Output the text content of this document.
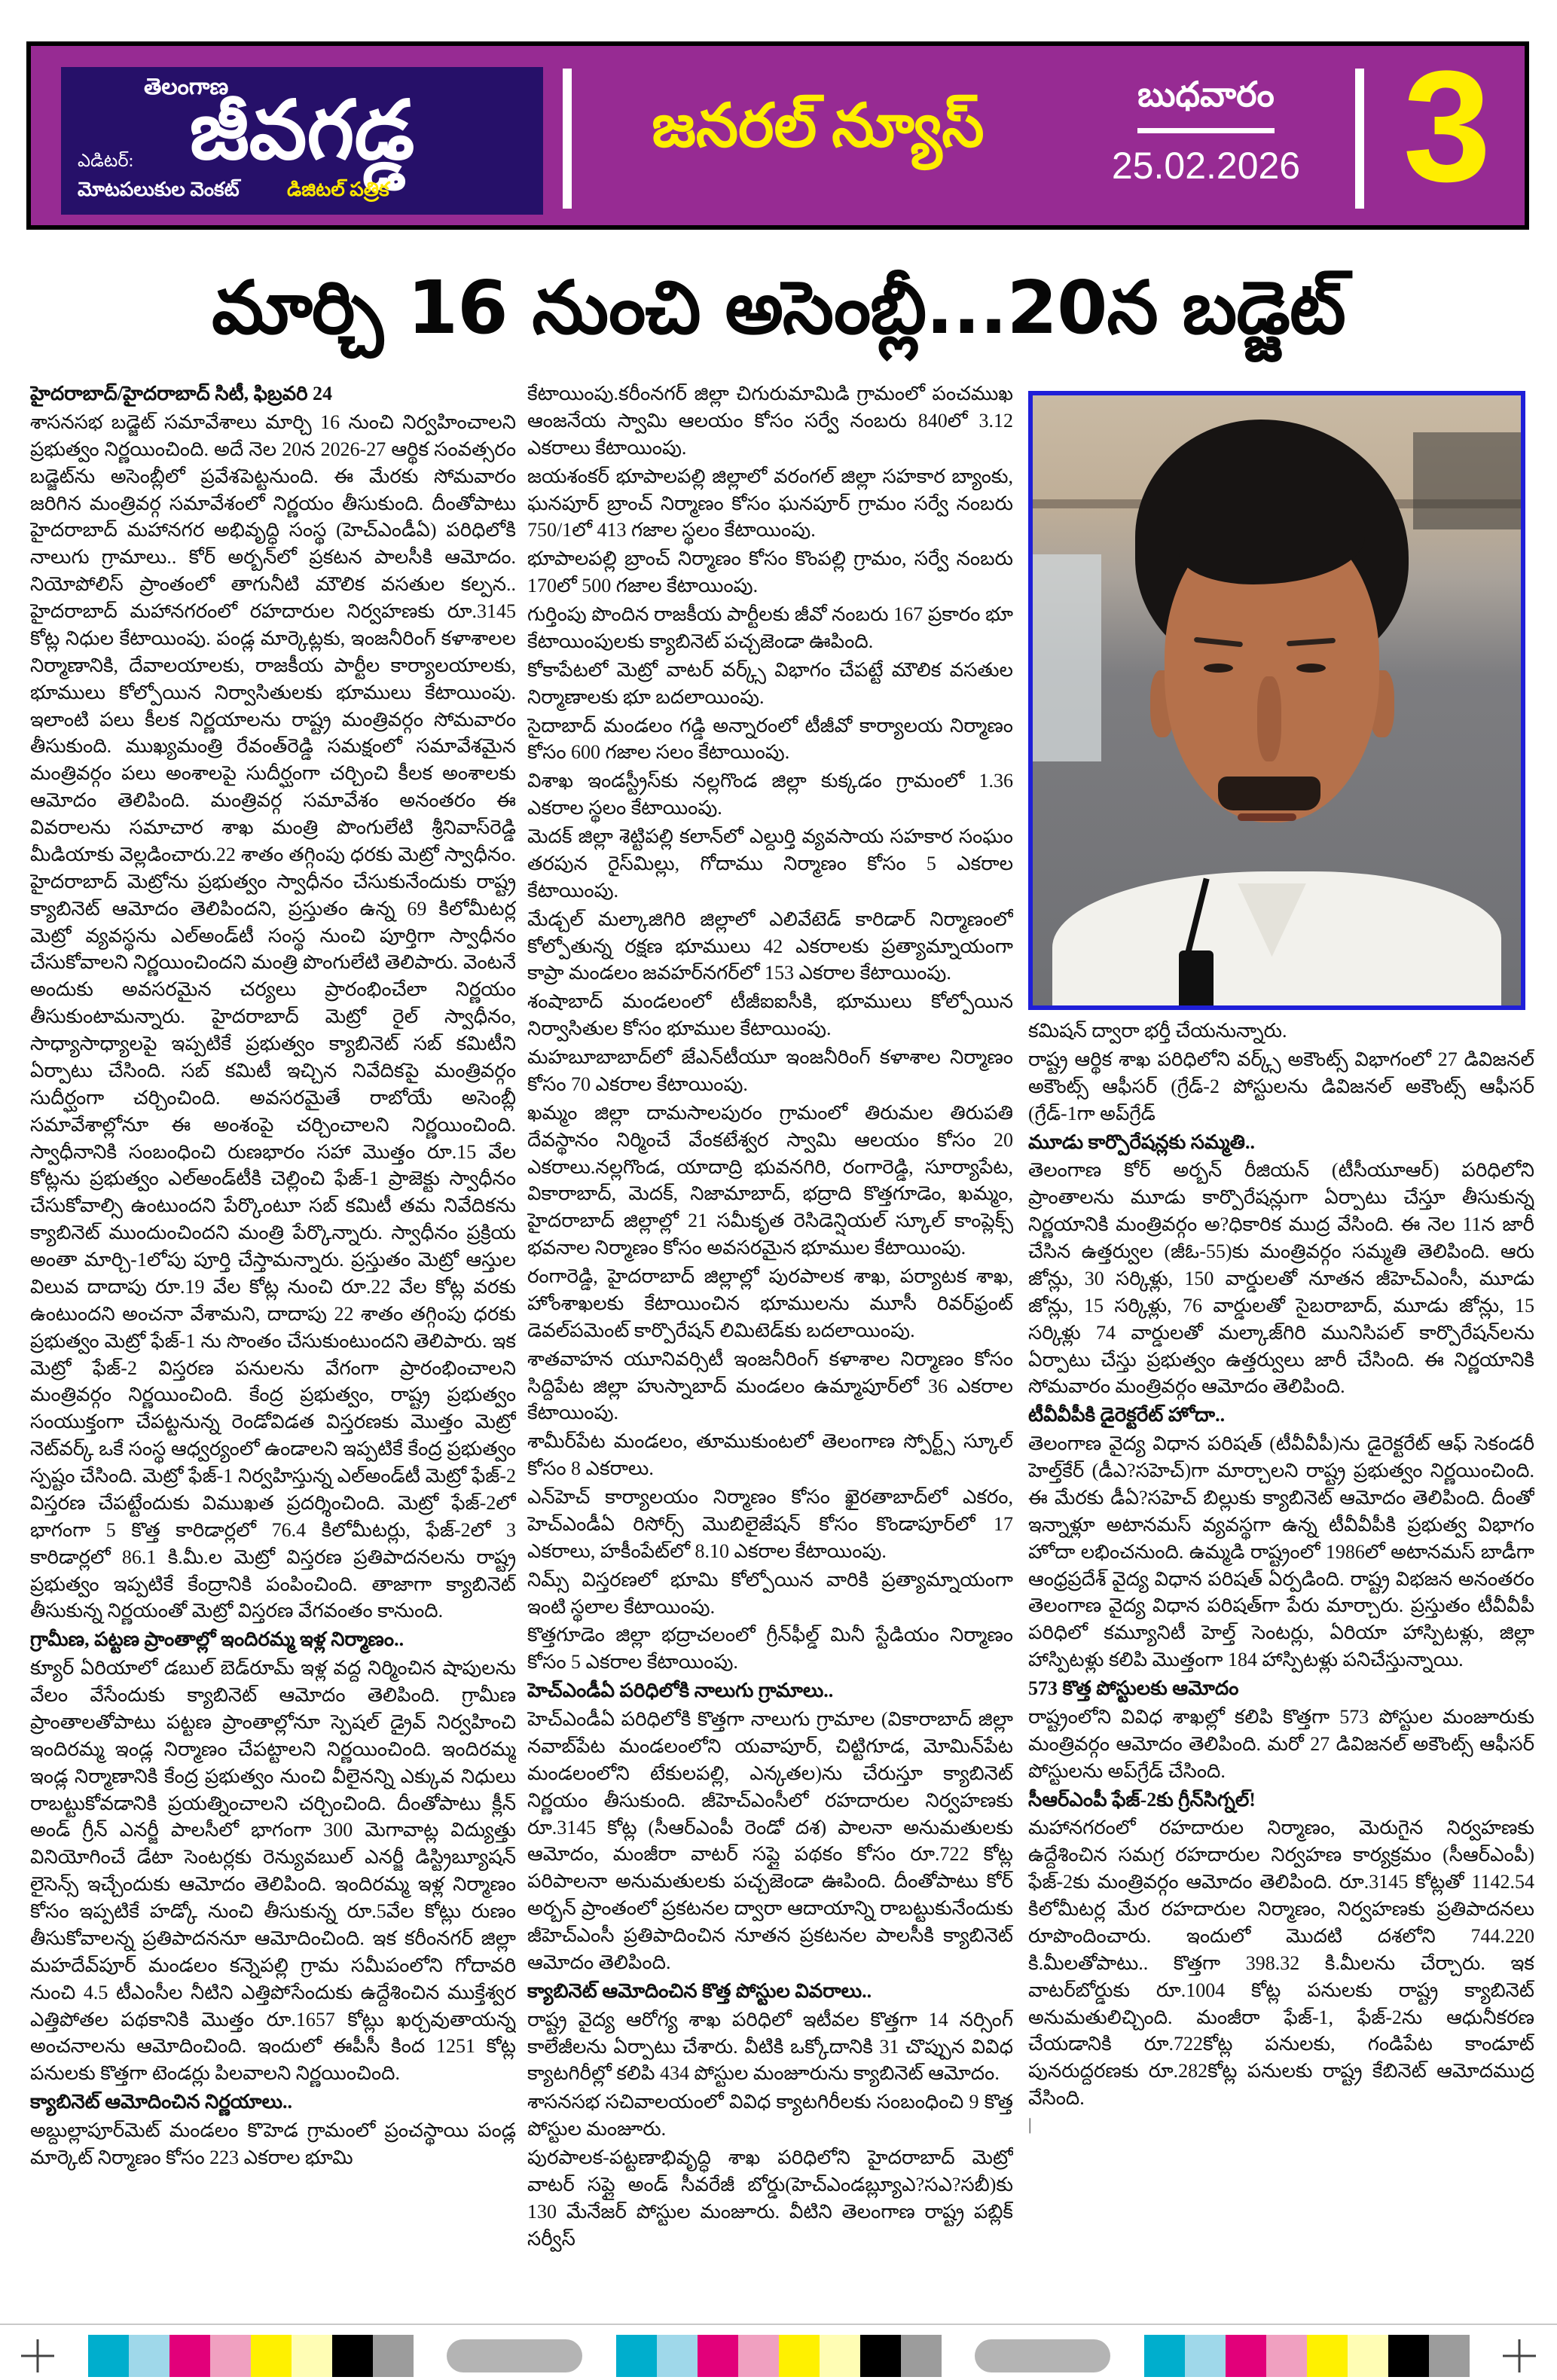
తెలంగాణ
జీవగడ్డ
ఎడిటర్:
మోటపలుకుల వెంకట్ డిజిటల్ పత్రిక
జనరల్ న్యూస్	బుధవారం
25.02.2026 3
మార్చి 16 నుంచి అసెంబ్లీ...20న బడ్జెట్

హైదరాబాద్/హైదరాబాద్ సిటీ, ఫిబ్రవరి 24

శాసనసభ బడ్జెట్ సమావేశాలు మార్చి 16 నుంచి నిర్వహించాలని ప్రభుత్వం నిర్ణయించింది. అదే నెల 20న 2026-27 ఆర్థిక సంవత్సరం బడ్జెట్‌ను అసెంబ్లీలో ప్రవేశపెట్టనుంది. ఈ మేరకు సోమవారం జరిగిన మంత్రివర్గ సమావేశంలో నిర్ణయం తీసుకుంది. దీంతోపాటు హైదరాబాద్ మహానగర అభివృద్ధి సంస్థ (హెచ్ఎండీఏ) పరిధిలోకి నాలుగు గ్రామాలు.. కోర్ అర్బన్‌లో ప్రకటన పాలసీకి ఆమోదం. నియోపోలిస్ ప్రాంతంలో తాగునీటి మౌలిక వసతుల కల్పన.. హైదరాబాద్ మహానగరంలో రహదారుల నిర్వహణకు రూ.3145 కోట్ల నిధుల కేటాయింపు. పండ్ల మార్కెట్లకు, ఇంజనీరింగ్ కళాశాలల నిర్మాణానికి, దేవాలయాలకు, రాజకీయ పార్టీల కార్యాలయాలకు, భూములు కోల్పోయిన నిర్వాసితులకు భూములు కేటాయింపు. ఇలాంటి పలు కీలక నిర్ణయాలను రాష్ట్ర మంత్రివర్గం సోమవారం తీసుకుంది. ముఖ్యమంత్రి రేవంత్‌రెడ్డి సమక్షంలో సమావేశమైన మంత్రివర్గం పలు అంశాలపై సుదీర్ఘంగా చర్చించి కీలక అంశాలకు ఆమోదం తెలిపింది. మంత్రివర్గ సమావేశం అనంతరం ఈ వివరాలను సమాచార శాఖ మంత్రి పొంగులేటి శ్రీనివాస్‌రెడ్డి మీడియాకు వెల్లడించారు.22 శాతం తగ్గింపు ధరకు మెట్రో స్వాధీనం. హైదరాబాద్ మెట్రోను ప్రభుత్వం స్వాధీనం చేసుకునేందుకు రాష్ట్ర క్యాబినెట్ ఆమోదం తెలిపిందని, ప్రస్తుతం ఉన్న 69 కిలోమీటర్ల మెట్రో వ్యవస్థను ఎల్అండ్‌టీ సంస్థ నుంచి పూర్తిగా స్వాధీనం చేసుకోవాలని నిర్ణయించిందని మంత్రి పొంగులేటి తెలిపారు. వెంటనే అందుకు అవసరమైన చర్యలు ప్రారంభించేలా నిర్ణయం తీసుకుంటామన్నారు. హైదరాబాద్ మెట్రో రైల్ స్వాధీనం, సాధ్యాసాధ్యాలపై ఇప్పటికే ప్రభుత్వం క్యాబినెట్ సబ్ కమిటీని ఏర్పాటు చేసింది. సబ్ కమిటీ ఇచ్చిన నివేదికపై మంత్రివర్గం సుదీర్ఘంగా చర్చించింది. అవసరమైతే రాబోయే అసెంబ్లీ సమావేశాల్లోనూ ఈ అంశంపై చర్చించాలని నిర్ణయించింది. స్వాధీనానికి సంబంధించి రుణభారం సహా మొత్తం రూ.15 వేల కోట్లను ప్రభుత్వం ఎల్అండ్‌టీకి చెల్లించి ఫేజ్-1 ప్రాజెక్టు స్వాధీనం చేసుకోవాల్సి ఉంటుందని పేర్కొంటూ సబ్ కమిటీ తమ నివేదికను క్యాబినెట్ ముందుంచిందని మంత్రి పేర్కొన్నారు. స్వాధీనం ప్రక్రియ అంతా మార్చి-1లోపు పూర్తి చేస్తామన్నారు. ప్రస్తుతం మెట్రో ఆస్తుల విలువ దాదాపు రూ.19 వేల కోట్ల నుంచి రూ.22 వేల కోట్ల వరకు ఉంటుందని అంచనా వేశామని, దాదాపు 22 శాతం తగ్గింపు ధరకు ప్రభుత్వం మెట్రో ఫేజ్-1 ను సొంతం చేసుకుంటుందని తెలిపారు. ఇక మెట్రో ఫేజ్-2 విస్తరణ పనులను వేగంగా ప్రారంభించాలని మంత్రివర్గం నిర్ణయించింది. కేంద్ర ప్రభుత్వం, రాష్ట్ర ప్రభుత్వం సంయుక్తంగా చేపట్టనున్న రెండోవిడత విస్తరణకు మొత్తం మెట్రో నెట్‌వర్క్ ఒకే సంస్థ ఆధ్వర్యంలో ఉండాలని ఇప్పటికే కేంద్ర ప్రభుత్వం స్పష్టం చేసింది. మెట్రో ఫేజ్-1 నిర్వహిస్తున్న ఎల్అండ్‌టీ మెట్రో ఫేజ్-2 విస్తరణ చేపట్టేందుకు విముఖత ప్రదర్శించింది. మెట్రో ఫేజ్-2లో భాగంగా 5 కొత్త కారిడార్లలో 76.4 కిలోమీటర్లు, ఫేజ్-2లో 3 కారిడార్లలో 86.1 కి.మీ.ల మెట్రో విస్తరణ ప్రతిపాదనలను రాష్ట్ర ప్రభుత్వం ఇప్పటికే కేంద్రానికి పంపించింది. తాజాగా క్యాబినెట్ తీసుకున్న నిర్ణయంతో మెట్రో విస్తరణ వేగవంతం కానుంది.

గ్రామీణ, పట్టణ ప్రాంతాల్లో ఇందిరమ్మ ఇళ్ల నిర్మాణం..

క్యూర్ ఏరియాలో డబుల్ బెడ్‌రూమ్ ఇళ్ల వద్ద నిర్మించిన షాపులను వేలం వేసేందుకు క్యాబినెట్ ఆమోదం తెలిపింది. గ్రామీణ ప్రాంతాలతోపాటు పట్టణ ప్రాంతాల్లోనూ స్పెషల్ డ్రైవ్ నిర్వహించి ఇందిరమ్మ ఇండ్ల నిర్మాణం చేపట్టాలని నిర్ణయించింది. ఇందిరమ్మ ఇండ్ల నిర్మాణానికి కేంద్ర ప్రభుత్వం నుంచి వీలైనన్ని ఎక్కువ నిధులు రాబట్టుకోవడానికి ప్రయత్నించాలని చర్చించింది. దీంతోపాటు క్లీన్ అండ్ గ్రీన్ ఎనర్జీ పాలసీలో భాగంగా 300 మెగావాట్ల విద్యుత్తు వినియోగించే డేటా సెంటర్లకు రెన్యువబుల్ ఎనర్జీ డిస్ట్రిబ్యూషన్ లైసెన్స్ ఇచ్చేందుకు ఆమోదం తెలిపింది. ఇందిరమ్మ ఇళ్ల నిర్మాణం కోసం ఇప్పటికే హడ్కో నుంచి తీసుకున్న రూ.5వేల కోట్లు రుణం తీసుకోవాలన్న ప్రతిపాదననూ ఆమోదించింది. ఇక కరీంనగర్ జిల్లా మహదేవ్‌పూర్ మండలం కన్నెపల్లి గ్రామ సమీపంలోని గోదావరి నుంచి 4.5 టీఎంసీల నీటిని ఎత్తిపోసేందుకు ఉద్దేశించిన ముక్తేశ్వర ఎత్తిపోతల పథకానికి మొత్తం రూ.1657 కోట్లు ఖర్చవుతాయన్న అంచనాలను ఆమోదించింది. ఇందులో ఈపీసీ కింద 1251 కోట్ల పనులకు కొత్తగా టెండర్లు పిలవాలని నిర్ణయించింది.

క్యాబినెట్ ఆమోదించిన నిర్ణయాలు..

అబ్దుల్లాపూర్‌మెట్ మండలం కొహెడ గ్రామంలో ప్రంచస్థాయి పండ్ల మార్కెట్ నిర్మాణం కోసం 223 ఎకరాల భూమి

కేటాయింపు.కరీంనగర్ జిల్లా చిగురుమామిడి గ్రామంలో పంచముఖ ఆంజనేయ స్వామి ఆలయం కోసం సర్వే నంబరు 840లో 3.12 ఎకరాలు కేటాయింపు.

జయశంకర్ భూపాలపల్లి జిల్లాలో వరంగల్ జిల్లా సహకార బ్యాంకు, ఘనపూర్ బ్రాంచ్ నిర్మాణం కోసం ఘనపూర్ గ్రామం సర్వే నంబరు 750/1లో 413 గజాల స్థలం కేటాయింపు.

భూపాలపల్లి బ్రాంచ్ నిర్మాణం కోసం కొంపల్లి గ్రామం, సర్వే నంబరు 170లో 500 గజాల కేటాయింపు.

గుర్తింపు పొందిన రాజకీయ పార్టీలకు జీవో నంబరు 167 ప్రకారం భూ కేటాయింపులకు క్యాబినెట్ పచ్చజెండా ఊపింది.

కోకాపేటలో మెట్రో వాటర్ వర్క్స్ విభాగం చేపట్టే మౌలిక వసతుల నిర్మాణాలకు భూ బదలాయింపు.

సైదాబాద్ మండలం గడ్డి అన్నారంలో టీజీవో కార్యాలయ నిర్మాణం కోసం 600 గజాల సలం కేటాయింపు.

విశాఖ ఇండస్ట్రీస్‌కు నల్లగొండ జిల్లా కుక్కడం గ్రామంలో 1.36 ఎకరాల స్థలం కేటాయింపు.

మెదక్ జిల్లా శెట్టిపల్లి కలాన్‌లో ఎల్దుర్తి వ్యవసాయ సహకార సంఘం తరపున రైస్‌మిల్లు, గోదాము నిర్మాణం కోసం 5 ఎకరాల కేటాయింపు.

మేడ్చల్ మల్కాజిగిరి జిల్లాలో ఎలివేటెడ్ కారిడార్ నిర్మాణంలో కోల్పోతున్న రక్షణ భూములు 42 ఎకరాలకు ప్రత్యామ్నాయంగా కాప్రా మండలం జవహర్‌నగర్‌లో 153 ఎకరాల కేటాయింపు.

శంషాబాద్ మండలంలో టీజీఐఐసీకి, భూములు కోల్పోయిన నిర్వాసితుల కోసం భూముల కేటాయింపు.

మహబూబాబాద్‌లో జేఎన్‌టీయూ ఇంజనీరింగ్ కళాశాల నిర్మాణం కోసం 70 ఎకరాల కేటాయింపు.

ఖమ్మం జిల్లా దామసాలపురం గ్రామంలో తిరుమల తిరుపతి దేవస్థానం నిర్మించే వేంకటేశ్వర స్వామి ఆలయం కోసం 20 ఎకరాలు.నల్లగొండ, యాదాద్రి భువనగిరి, రంగారెడ్డి, సూర్యాపేట, వికారాబాద్, మెదక్, నిజామాబాద్, భద్రాది కొత్తగూడెం, ఖమ్మం, హైదరాబాద్ జిల్లాల్లో 21 సమీకృత రెసిడెన్షియల్ స్కూల్ కాంప్లెక్స్ భవనాల నిర్మాణం కోసం అవసరమైన భూముల కేటాయింపు.

రంగారెడ్డి, హైదరాబాద్ జిల్లాల్లో పురపాలక శాఖ, పర్యాటక శాఖ, హోంశాఖలకు కేటాయించిన భూములను మూసీ రివర్‌ఫ్రంట్ డెవల్‌పమెంట్ కార్పొరేషన్ లిమిటెడ్‌కు బదలాయింపు.

శాతవాహన యూనివర్సిటీ ఇంజనీరింగ్ కళాశాల నిర్మాణం కోసం సిద్దిపేట జిల్లా హుస్నాబాద్ మండలం ఉమ్మాపూర్‌లో 36 ఎకరాల కేటాయింపు.

శామీర్‌పేట మండలం, తూముకుంటలో తెలంగాణ స్పోర్ట్స్ స్కూల్ కోసం 8 ఎకరాలు.

ఎన్‌హెచ్ కార్యాలయం నిర్మాణం కోసం ఖైరతాబాద్‌లో ఎకరం, హెచ్ఎండీఏ రిసోర్స్ మొబిలైజేషన్ కోసం కొండాపూర్‌లో 17 ఎకరాలు, హకీంపేట్‌లో 8.10 ఎకరాల కేటాయింపు.

నిమ్స్ విస్తరణలో భూమి కోల్పోయిన వారికి ప్రత్యామ్నాయంగా ఇంటి స్థలాల కేటాయింపు.

కొత్తగూడెం జిల్లా భద్రాచలంలో గ్రీన్‌ఫీల్డ్ మినీ స్టేడియం నిర్మాణం కోసం 5 ఎకరాల కేటాయింపు.

హెచ్ఎండీఏ పరిధిలోకి నాలుగు గ్రామాలు..

హెచ్ఎండీఏ పరిధిలోకి కొత్తగా నాలుగు గ్రామాల (వికారాబాద్ జిల్లా నవాబ్‌పేట మండలంలోని యవాపూర్, చిట్టిగూడ, మోమిన్‌పేట మండలంలోని టేకులపల్లి, ఎన్కతల)ను చేరుస్తూ క్యాబినెట్ నిర్ణయం తీసుకుంది. జీహెచ్ఎంసీలో రహదారుల నిర్వహణకు రూ.3145 కోట్ల (సీఆర్ఎంపీ రెండో దశ) పాలనా అనుమతులకు ఆమోదం, మంజీరా వాటర్ సప్లై పథకం కోసం రూ.722 కోట్ల పరిపాలనా అనుమతులకు పచ్చజెండా ఊపింది. దీంతోపాటు కోర్ అర్బన్ ప్రాంతంలో ప్రకటనల ద్వారా ఆదాయాన్ని రాబట్టుకునేందుకు జీహెచ్ఎంసీ ప్రతిపాదించిన నూతన ప్రకటనల పాలసీకి క్యాబినెట్ ఆమోదం తెలిపింది.

క్యాబినెట్ ఆమోదించిన కొత్త పోస్టుల వివరాలు..

రాష్ట్ర వైద్య ఆరోగ్య శాఖ పరిధిలో ఇటీవల కొత్తగా 14 నర్సింగ్ కాలేజీలను ఏర్పాటు చేశారు. వీటికి ఒక్కోదానికి 31 చొప్పున వివిధ క్యాటగిరీల్లో కలిపి 434 పోస్టుల మంజూరును క్యాబినెట్ ఆమోదం.

శాసనసభ సచివాలయంలో వివిధ క్యాటగిరీలకు సంబంధించి 9 కొత్త పోస్టుల మంజూరు.

పురపాలక-పట్టణాభివృద్ధి శాఖ పరిధిలోని హైదరాబాద్ మెట్రో వాటర్ సప్లై అండ్ సీవరేజీ బోర్డు(హెచ్ఎండబ్ల్యూఎ?సఎ?సబీ)కు 130 మేనేజర్ పోస్టుల మంజూరు. వీటిని తెలంగాణ రాష్ట్ర పబ్లిక్ సర్వీస్

కమిషన్ ద్వారా భర్తీ చేయనున్నారు.

రాష్ట్ర ఆర్థిక శాఖ పరిధిలోని వర్క్స్ అకౌంట్స్ విభాగంలో 27 డివిజనల్ అకౌంట్స్ ఆఫీసర్ (గ్రేడ్-2 పోస్టులను డివిజనల్ అకౌంట్స్ ఆఫీసర్ (గ్రేడ్-1గా అప్‌గ్రేడ్

మూడు కార్పొరేషన్లకు సమ్మతి..

తెలంగాణ కోర్ అర్బన్ రీజియన్ (టీసీయూఆర్) పరిధిలోని ప్రాంతాలను మూడు కార్పొరేషన్లుగా ఏర్పాటు చేస్తూ తీసుకున్న నిర్ణయానికి మంత్రివర్గం అ?ధికారిక ముద్ర వేసింది. ఈ నెల 11న జారీ చేసిన ఉత్తర్వుల (జీఓ-55)కు మంత్రివర్గం సమ్మతి తెలిపింది. ఆరు జోన్లు, 30 సర్కిళ్లు, 150 వార్డులతో నూతన జీహెచ్ఎంసీ, మూడు జోన్లు, 15 సర్కిళ్లు, 76 వార్డులతో సైబరాబాద్, మూడు జోన్లు, 15 సర్కిళ్లు 74 వార్డులతో మల్కాజ్‌గిరి మునిసిపల్ కార్పొరేషన్‌లను ఏర్పాటు చేస్తు ప్రభుత్వం ఉత్తర్వులు జారీ చేసింది. ఈ నిర్ణయానికి సోమవారం మంత్రివర్గం ఆమోదం తెలిపింది.

టీవీవీపీకి డైరెక్టరేట్ హోదా..

తెలంగాణ వైద్య విధాన పరిషత్ (టీవీవీపీ)ను డైరెక్టరేట్ ఆఫ్ సెకండరీ హెల్త్‌కేర్ (డీఎ?సహెచ్)గా మార్చాలని రాష్ట్ర ప్రభుత్వం నిర్ణయించింది. ఈ మేరకు డీఏ?సహెచ్ బిల్లుకు క్యాబినెట్ ఆమోదం తెలిపింది. దీంతో ఇన్నాళ్లూ అటానమస్ వ్యవస్థగా ఉన్న టీవీవీపీకి ప్రభుత్వ విభాగం హోదా లభించనుంది. ఉమ్మడి రాష్ట్రంలో 1986లో అటానమస్ బాడీగా ఆంధ్రప్రదేశ్ వైద్య విధాన పరిషత్ ఏర్పడింది. రాష్ట్ర విభజన అనంతరం తెలంగాణ వైద్య విధాన పరిషత్‌గా పేరు మార్చారు. ప్రస్తుతం టీవీవీపీ పరిధిలో కమ్యూనిటీ హెల్త్ సెంటర్లు, ఏరియా హాస్పిటళ్లు, జిల్లా హాస్పిటళ్లు కలిపి మొత్తంగా 184 హాస్పిటళ్లు పనిచేస్తున్నాయి.

573 కొత్త పోస్టులకు ఆమోదం

రాష్ట్రంలోని వివిధ శాఖల్లో కలిపి కొత్తగా 573 పోస్టుల మంజూరుకు మంత్రివర్గం ఆమోదం తెలిపింది. మరో 27 డివిజనల్ అకౌంట్స్ ఆఫీసర్ పోస్టులను అప్‌గ్రేడ్ చేసింది.

సీఆర్ఎంపీ ఫేజ్-2కు గ్రీన్‌సిగ్నల్!

మహానగరంలో రహదారుల నిర్మాణం, మెరుగైన నిర్వహణకు ఉద్దేశించిన సమగ్ర రహదారుల నిర్వహణ కార్యక్రమం (సీఆర్ఎంపీ) ఫేజ్-2కు మంత్రివర్గం ఆమోదం తెలిపింది. రూ.3145 కోట్లతో 1142.54 కిలోమీటర్ల మేర రహదారుల నిర్మాణం, నిర్వహణకు ప్రతిపాదనలు రూపొందించారు. ఇందులో మొదటి దశలోని 744.220 కి.మీలతోపాటు.. కొత్తగా 398.32 కి.మీలను చేర్చారు. ఇక వాటర్‌బోర్డుకు రూ.1004 కోట్ల పనులకు రాష్ట్ర క్యాబినెట్ అనుమతులిచ్చింది. మంజీరా ఫేజ్-1, ఫేజ్-2ను ఆధునీకరణ చేయడానికి రూ.722కోట్ల పనులకు, గండిపేట కాండూట్ పునరుద్దరణకు రూ.282కోట్ల పనులకు రాష్ట్ర కేబినెట్ ఆమోదముద్ర వేసింది.

|
